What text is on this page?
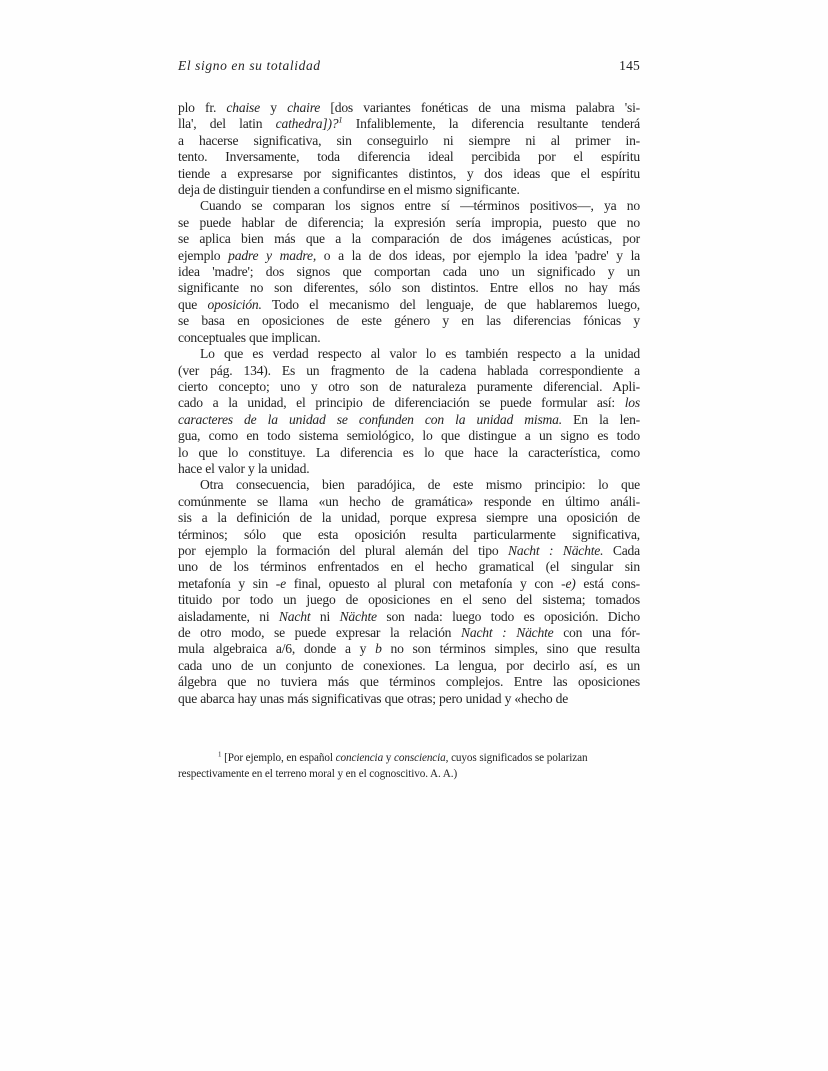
El signo en su totalidad	145
plo fr. chaise y chaire [dos variantes fonéticas de una misma palabra 'si-
lla', del latin cathedra])?$^1$ Infaliblemente, la diferencia resultante tenderá
a hacerse significativa, sin conseguirlo ni siempre ni al primer in-
tento. Inversamente, toda diferencia ideal percibida por el espíritu
tiende a expresarse por significantes distintos, y dos ideas que el espíritu
deja de distinguir tienden a confundirse en el mismo significante.
Cuando se comparan los signos entre sí —términos positivos—, ya no
se puede hablar de diferencia; la expresión sería impropia, puesto que no
se aplica bien más que a la comparación de dos imágenes acústicas, por
ejemplo padre y madre, o a la de dos ideas, por ejemplo la idea 'padre' y la
idea 'madre'; dos signos que comportan cada uno un significado y un
significante no son diferentes, sólo son distintos. Entre ellos no hay más
que oposición. Todo el mecanismo del lenguaje, de que hablaremos luego,
se basa en oposiciones de este género y en las diferencias fónicas y
conceptuales que implican.
Lo que es verdad respecto al valor lo es también respecto a la unidad
(ver pág. 134). Es un fragmento de la cadena hablada correspondiente a
cierto concepto; uno y otro son de naturaleza puramente diferencial. Apli-
cado a la unidad, el principio de diferenciación se puede formular así: los
caracteres de la unidad se confunden con la unidad misma. En la len-
gua, como en todo sistema semiológico, lo que distingue a un signo es todo
lo que lo constituye. La diferencia es lo que hace la característica, como
hace el valor y la unidad.
Otra consecuencia, bien paradójica, de este mismo principio: lo que
comúnmente se llama «un hecho de gramática» responde en último análi-
sis a la definición de la unidad, porque expresa siempre una oposición de
términos; sólo que esta oposición resulta particularmente significativa,
por ejemplo la formación del plural alemán del tipo Nacht : Nächte. Cada
uno de los términos enfrentados en el hecho gramatical (el singular sin
metafonía y sin -e final, opuesto al plural con metafonía y con -e) está cons-
tituido por todo un juego de oposiciones en el seno del sistema; tomados
aisladamente, ni Nacht ni Nächte son nada: luego todo es oposición. Dicho
de otro modo, se puede expresar la relación Nacht : Nächte con una fór-
mula algebraica a/6, donde a y b no son términos simples, sino que resulta
cada uno de un conjunto de conexiones. La lengua, por decirlo así, es un
álgebra que no tuviera más que términos complejos. Entre las oposiciones
que abarca hay unas más significativas que otras; pero unidad y «hecho de
$^1$ [Por ejemplo, en español conciencia y consciencia, cuyos significados se polarizan
respectivamente en el terreno moral y en el cognoscitivo. A. A.)
